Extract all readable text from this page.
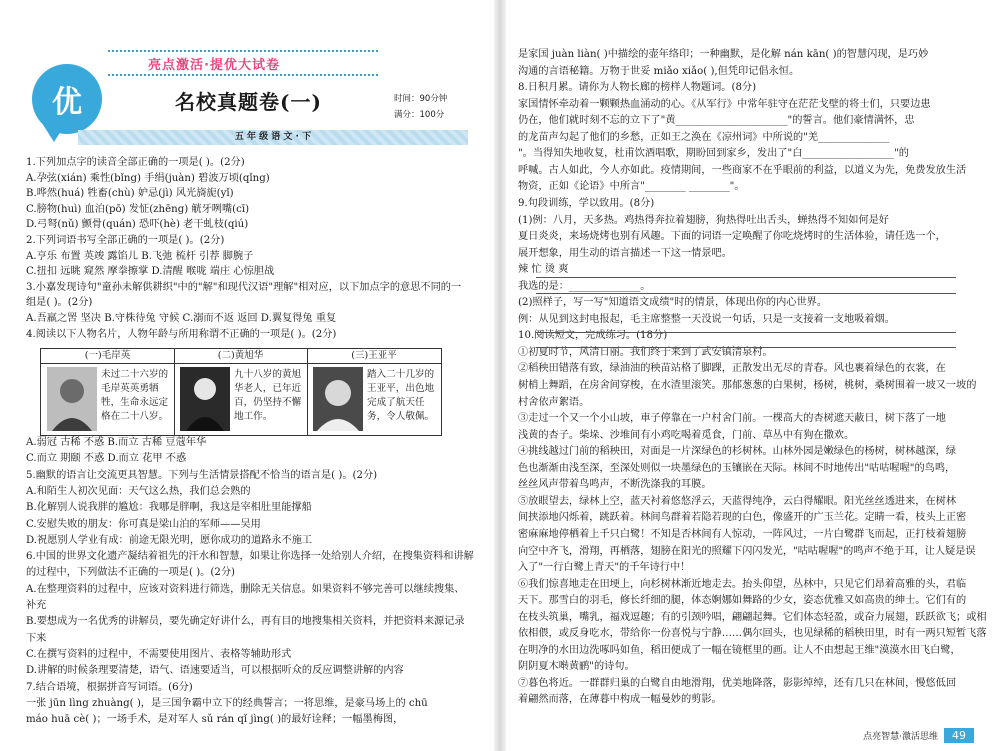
亮点激活·提优大试卷
优	名校真题卷(一)	时间：90分钟
满分：100分
五 年 级 语 文 · 下
1.下列加点字的读音全部正确的一项是( )。(2分)
A.孕弦(xián) 乘性(bǐng) 手绢(juàn) 碧波万顷(qǐng)
B.哗然(huá) 牲畜(chù) 妒忌(jì) 风光旖旎(yǐ)
C.膀物(huì) 血泊(pō) 发怔(zhēng) 觥牙咧嘴(cī)
D.弓弩(nǔ) 颤骨(quán) 恐吓(hè) 老干虬枝(qiú)
2.下列词语书写全部正确的一项是( )。(2分)
A.亨乐 布置 英竣 露馅儿 B.飞弛 梳杆 引荐 脚腕子
C.扭扣 远眺 窥然 摩拳擦掌 D.清醒 喉咙 端庄 心惊胆战
3.小嘉发现诗句"童孙未解供耕织"中的"解"和现代汉语"理解"相对应，以下加点字的意思不同的一
组是( )。(2分)
A.吾羸之罟 坚决 B.守株待兔 守候 C.溺而不返 返回 D.翼复得兔 重复
4.阅读以下人物名片，人物年龄与所用称谓不正确的一项是( )。(2分)
(一)毛岸英
未过二十六岁的毛岸英英勇牺牲，生命永远定格在二十八岁。
(二)黄旭华
九十八岁的黄旭华老人，已年近百，仍坚持不懈地工作。
(三)王亚平
踏入二十几岁的王亚平，出色地完成了航天任务，令人敬佩。
A.弱冠 古稀 不惑 B.而立 古稀 豆蔻年华
C.而立 期颐 不惑 D.而立 花甲 不惑
5.幽默的语言让交流更具智慧。下列与生活情景搭配不恰当的语言是( )。(2分)
A.和陌生人初次见面：天气这么热，我们总会熟的
B.化解别人说我胖的尴尬：我哪是胖啊，我这是宰相肚里能撑船
C.安慰失败的朋友：你可真是梁山泊的军师——吴用
D.祝愿别人学业有成：前途无限光明，愿你成功的道路永不施工
6.中国的世界文化遗产凝结着祖先的汗水和智慧，如果让你选择一处给别人介绍，在搜集资料和讲解
的过程中，下列做法不正确的一项是( )。(2分)
A.在整理资料的过程中，应该对资料进行筛选，删除无关信息。如果资料不够完善可以继续搜集、
补充
B.要想成为一名优秀的讲解员，要先确定好讲什么，再有目的地搜集相关资料，并把资料来源记录
下来
C.在撰写资料的过程中，不需要使用图片、表格等辅助形式
D.讲解的时候条理要清楚，语气、语速要适当，可以根据听众的反应调整讲解的内容
7.结合语境，根据拼音写词语。(6分)
一张 jūn lìng zhuàng( )，是三国争霸中立下的经典誓言；一将思维，是豪马场上的 chū
máo huā cè( )；一场手术，是对军人 sǔ rán qǐ jìng( )的最好诠释；一幅墨梅图，
是家国 juàn liàn( )中描绘的壶年络印；一种幽默，是化解 nán kān( )的智慧闪现，是巧妙
沟通的言语秘籍。万物于世妥 miǎo xiǎo( ),但凭印记倡永恒。
8.日积月累。请你为人物长廊的榜样人物题词。(8分)
家国情怀牵动着一颗颗热血涌动的心。《从军行》中常年驻守在茫茫戈壁的将士们，只要边患
仍在，他们就时刻不忘的立下了"黄______________________"的誓言。他们豪情满怀，忠
的龙苗声勾起了他们的乡愁，正如王之涣在《凉州词》中所说的"羌______________
"。当得知失地收复，杜甫饮酒唱歌，期盼回到家乡，发出了"白__________________"的
呼喊。古人如此，今人亦如此。疫情期间，一些商家不在乎眼前的利益，以道义为先，免费发放生活
物资，正如《论语》中所言"________ ________"。
9.句段训练，学以致用。(8分)
(1)例：八月，天多热。鸡热得奔拉着翅膀，狗热得吐出舌头，蝉热得不知如何是好
夏日炎炎，来场烧烤也别有风趣。下面的词语一定唤醒了你吃烧烤时的生活体验，请任选一个，
展开想象，用生动的语言描述一下这一情景吧。
辣 忙 烫 爽
我选的是：______________。
(2)照样子，写一写"知道语文成绩"时的情景，体现出你的内心世界。
例：从见到这封电报起，毛主席整整一天没说一句话，只是一支接着一支地吸着烟。
10.阅读短文，完成练习。(18分)
①初夏时节，风清日丽。我们终于来到了武安镇清泉村。
②稻秧田错落有致，绿油油的秧苗站格了脚踝，正散发出无尽的青春。风也裹着绿色的衣裳，在
树梢上舞蹈，在房舍间穿梭，在水渣里滚笑。那郁葱葱的白果树，杨树，桃树，桑树围着一坡又一坡的
村舍依声絮语。
③走过一个又一个小山坡，車子停靠在一户村舍门前。一棵高大的杏树遮天蔽日，树下落了一地
浅黄的杏子。柴垛、沙堆间有小鸡吃喝着觅食，门前、草丛中有狗在撒欢。
④挑线越过门前的稻秧田，对面是一片深绿色的杉树林。山林外园是嫩绿色的杨树，树林越深，绿
色也渐渐由浅至深，至深处则似一块墨绿色的玉镶嵌在天际。林间不时地传出"咕咕喔喔"的鸟鸣，
丝丝风声带着鸟鸣声，不断洗涤我的耳膜。
⑤放眼望去，绿林上空，蓝天衬着悠悠浮云，天蓝得纯净，云白得耀眼。阳光丝丝透进来，在树林
间挟添地闪烁着，跳跃着。林间鸟群着若隐若现的白色，像盛开的广玉兰花。定睛一看，枝头上正密
密麻麻地停栖着上千只白鹭！不知是否林间有人惊动，一阵风过，一片白鹭群飞而起，正打枝着翅膀
向空中齐飞，滑翔，再栖落，翅膀在阳光的照耀下闪闪发光，"咕咕喔喔"的鸣声不绝于耳，让人疑是误
入了"一行白鹭上青天"的千年诗行中！
⑥我们惊喜地走在田埂上，向杉树林渐近地走去。抬头仰望，丛林中，只见它们昂着高雅的头，君临
天下。那雪白的羽毛，修长纤细的腿，体态婀娜如舞路的少女，姿态优雅又如高贵的绅士。它们有的
在枝头筑巢，嘴乳，福戏逗趣；有的引颈吟唱，翩翩起舞。它们体态轻盈，或奋力展翅，跃跃欲飞；或相
依相偎，或反身吃水，带给你一份喜悦与宁静……偶尔回头，也见绿稀的稻秧田里，时有一两只短暂飞落
在明净的水田边洗啄吗如鱼，稻田便成了一幅在镜框里的画。让人不由想起王维"漠漠水田飞白鹭，
阴阴夏木啭黄鹂"的诗句。
⑦暮色将近。一群群归巢的白鹭自由地滑翔，优美地降落，影影绰绰，还有几只在林间，慢悠低回
着翩然而落，在薄暮中构成一幅曼妙的剪影。
点亮智慧·激活思维 49
